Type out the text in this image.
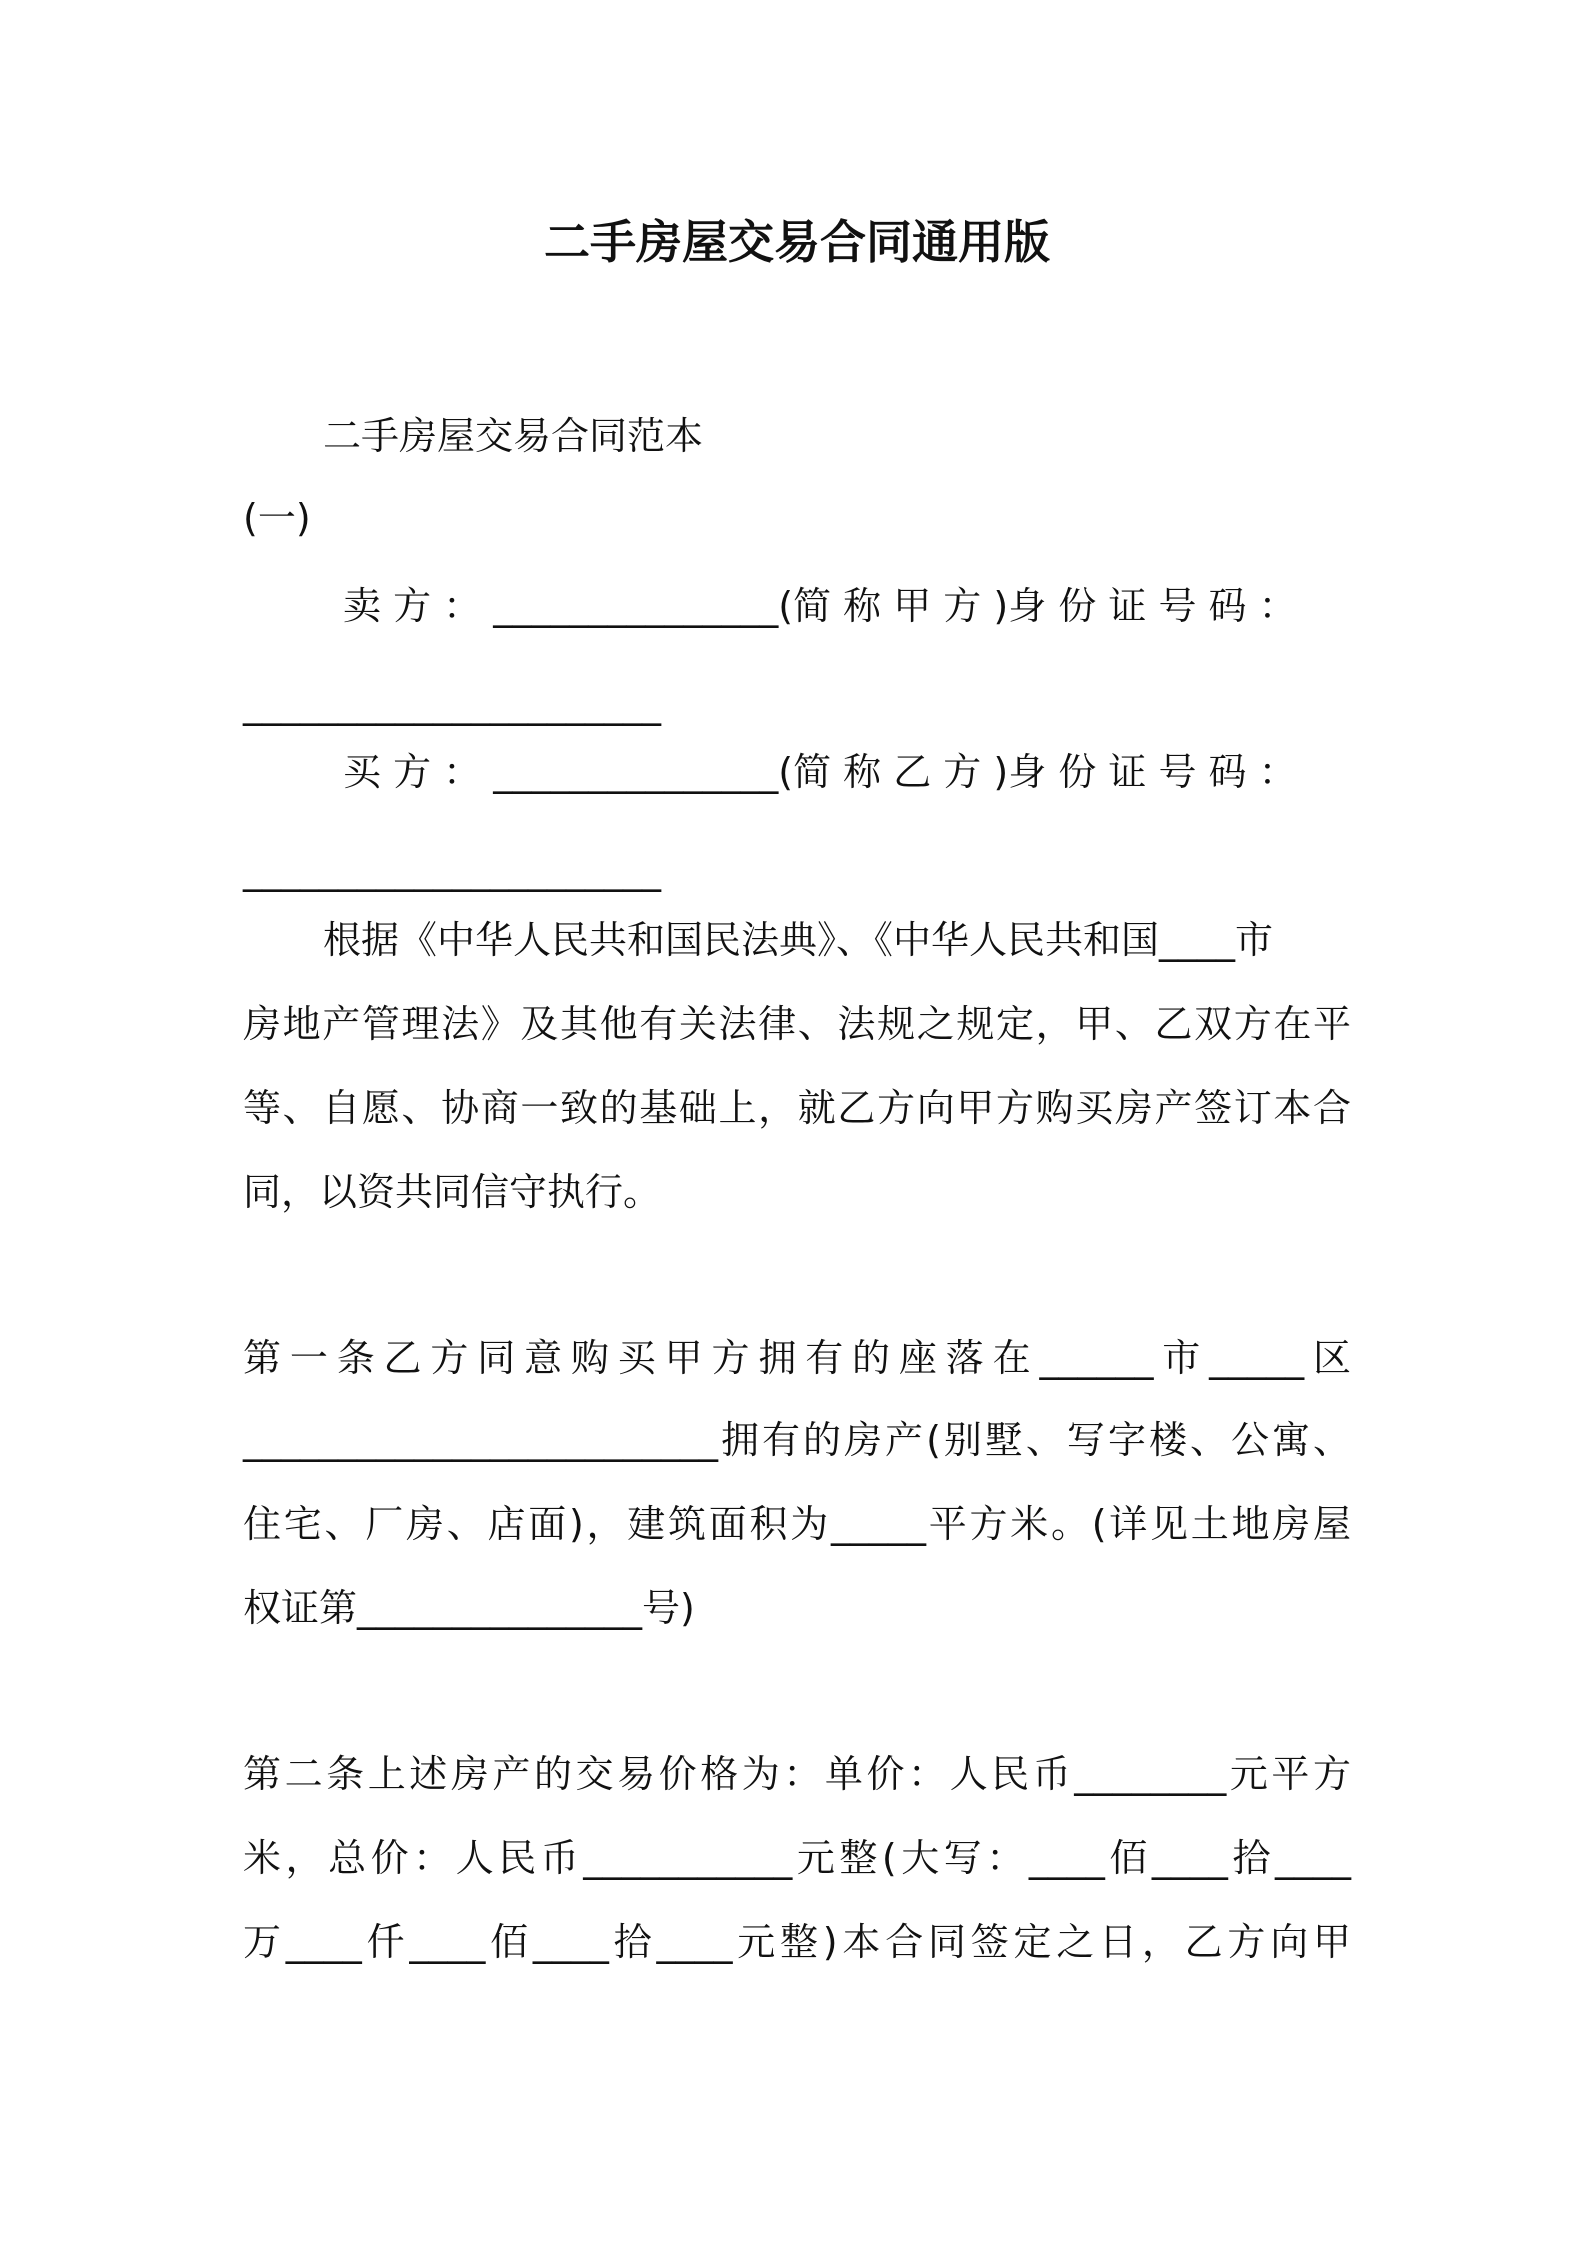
二手房屋交易合同通用版
二手房屋交易合同范本
(一)
卖 方 ： _______________(简 称 甲 方 )身 份 证 号 码 ：
______________________
买 方 ： _______________(简 称 乙 方 )身 份 证 号 码 ：
______________________
根据《中华人民共和国民法典》、《中华人民共和国____市
房地产管理法》及其他有关法律、法规之规定，甲、乙双方在平
等、自愿、协商一致的基础上，就乙方向甲方购买房产签订本合
同，以资共同信守执行。
第一条乙方同意购买甲方拥有的座落在______市_____区
_________________________拥有的房产(别墅、写字楼、公寓、
住宅、厂房、店面)，建筑面积为_____平方米。(详见土地房屋
权证第_______________号)
第二条上述房产的交易价格为：单价：人民币________元平方
米，总价：人民币___________元整(大写：____佰____拾____
万____仟____佰____拾____元整)本合同签定之日，乙方向甲
